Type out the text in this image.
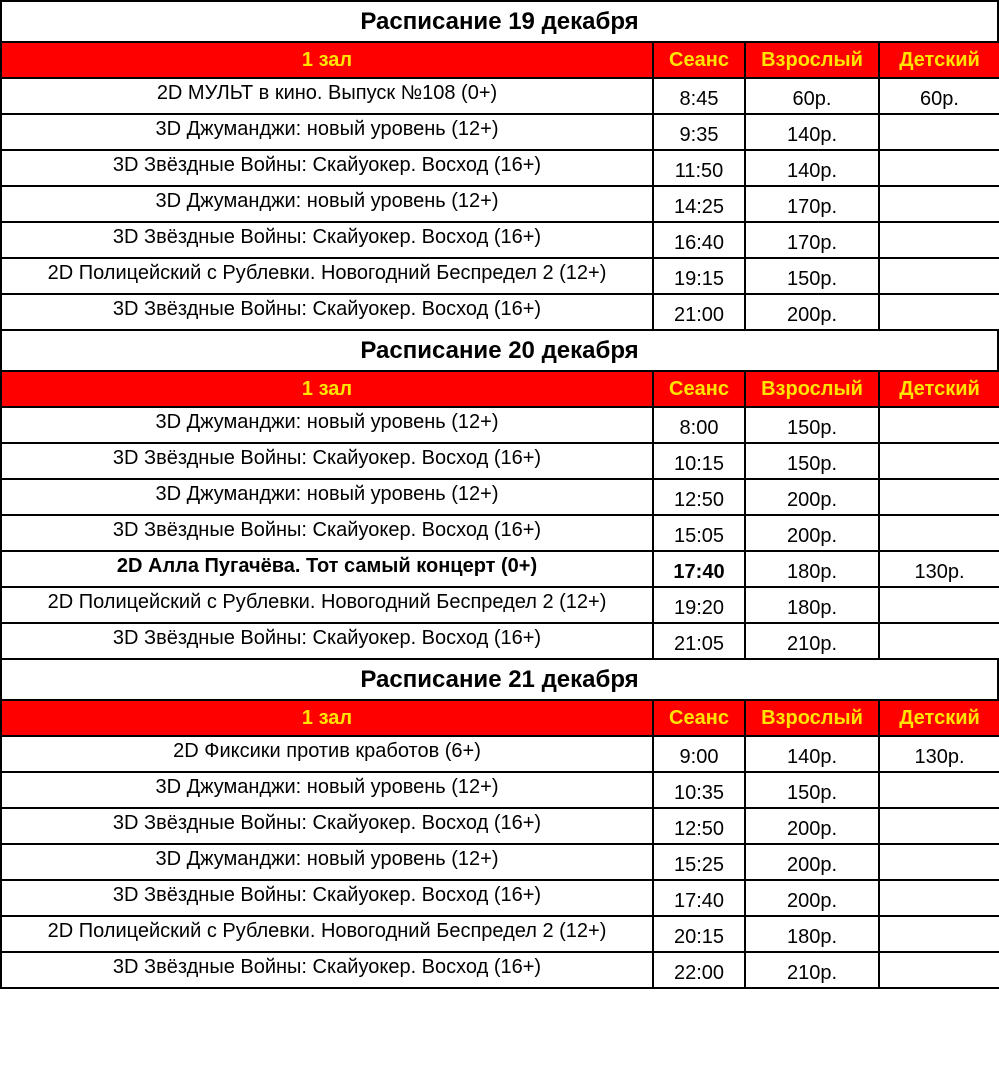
Расписание 19 декабря
1 зал	Сеанс	Взрослый	Детский
2D МУЛЬТ в кино. Выпуск №108 (0+)	8:45	60р.	60р.
3D Джуманджи: новый уровень (12+)	9:35	140р.	
3D Звёздные Войны: Скайуокер. Восход (16+)	11:50	140р.	
3D Джуманджи: новый уровень (12+)	14:25	170р.	
3D Звёздные Войны: Скайуокер. Восход (16+)	16:40	170р.	
2D Полицейский с Рублевки. Новогодний Беспредел 2 (12+)	19:15	150р.	
3D Звёздные Войны: Скайуокер. Восход (16+)	21:00	200р.	
Расписание 20 декабря
1 зал	Сеанс	Взрослый	Детский
3D Джуманджи: новый уровень (12+)	8:00	150р.	
3D Звёздные Войны: Скайуокер. Восход (16+)	10:15	150р.	
3D Джуманджи: новый уровень (12+)	12:50	200р.	
3D Звёздные Войны: Скайуокер. Восход (16+)	15:05	200р.	
2D Алла Пугачёва. Тот самый концерт (0+)	17:40	180р.	130р.
2D Полицейский с Рублевки. Новогодний Беспредел 2 (12+)	19:20	180р.	
3D Звёздные Войны: Скайуокер. Восход (16+)	21:05	210р.	
Расписание 21 декабря
1 зал	Сеанс	Взрослый	Детский
2D Фиксики против кработов (6+)	9:00	140р.	130р.
3D Джуманджи: новый уровень (12+)	10:35	150р.	
3D Звёздные Войны: Скайуокер. Восход (16+)	12:50	200р.	
3D Джуманджи: новый уровень (12+)	15:25	200р.	
3D Звёздные Войны: Скайуокер. Восход (16+)	17:40	200р.	
2D Полицейский с Рублевки. Новогодний Беспредел 2 (12+)	20:15	180р.	
3D Звёздные Войны: Скайуокер. Восход (16+)	22:00	210р.	
